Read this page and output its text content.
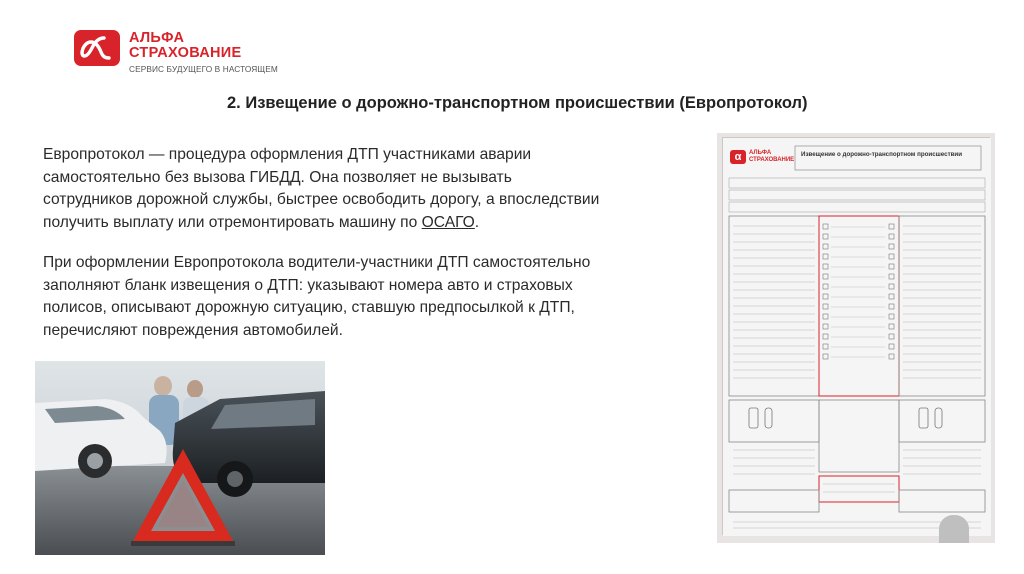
АЛЬФА
СТРАХОВАНИЕ
СЕРВИС БУДУЩЕГО В НАСТОЯЩЕМ
2. Извещение о дорожно-транспортном происшествии (Европротокол)
Европротокол — процедура оформления ДТП участниками аварии
самостоятельно без вызова ГИБДД. Она позволяет не вызывать
сотрудников дорожной службы, быстрее освободить дорогу, а впоследствии
получить выплату или отремонтировать машину по ОСАГО.
При оформлении Европротокола водители-участники ДТП самостоятельно
заполняют бланк извещения о ДТП: указывают номера авто и страховых
полисов, описывают дорожную ситуацию, ставшую предпосылкой к ДТП,
перечисляют повреждения автомобилей.
α	АЛЬФА
СТРАХОВАНИЕ
Извещение о дорожно-транспортном происшествии
